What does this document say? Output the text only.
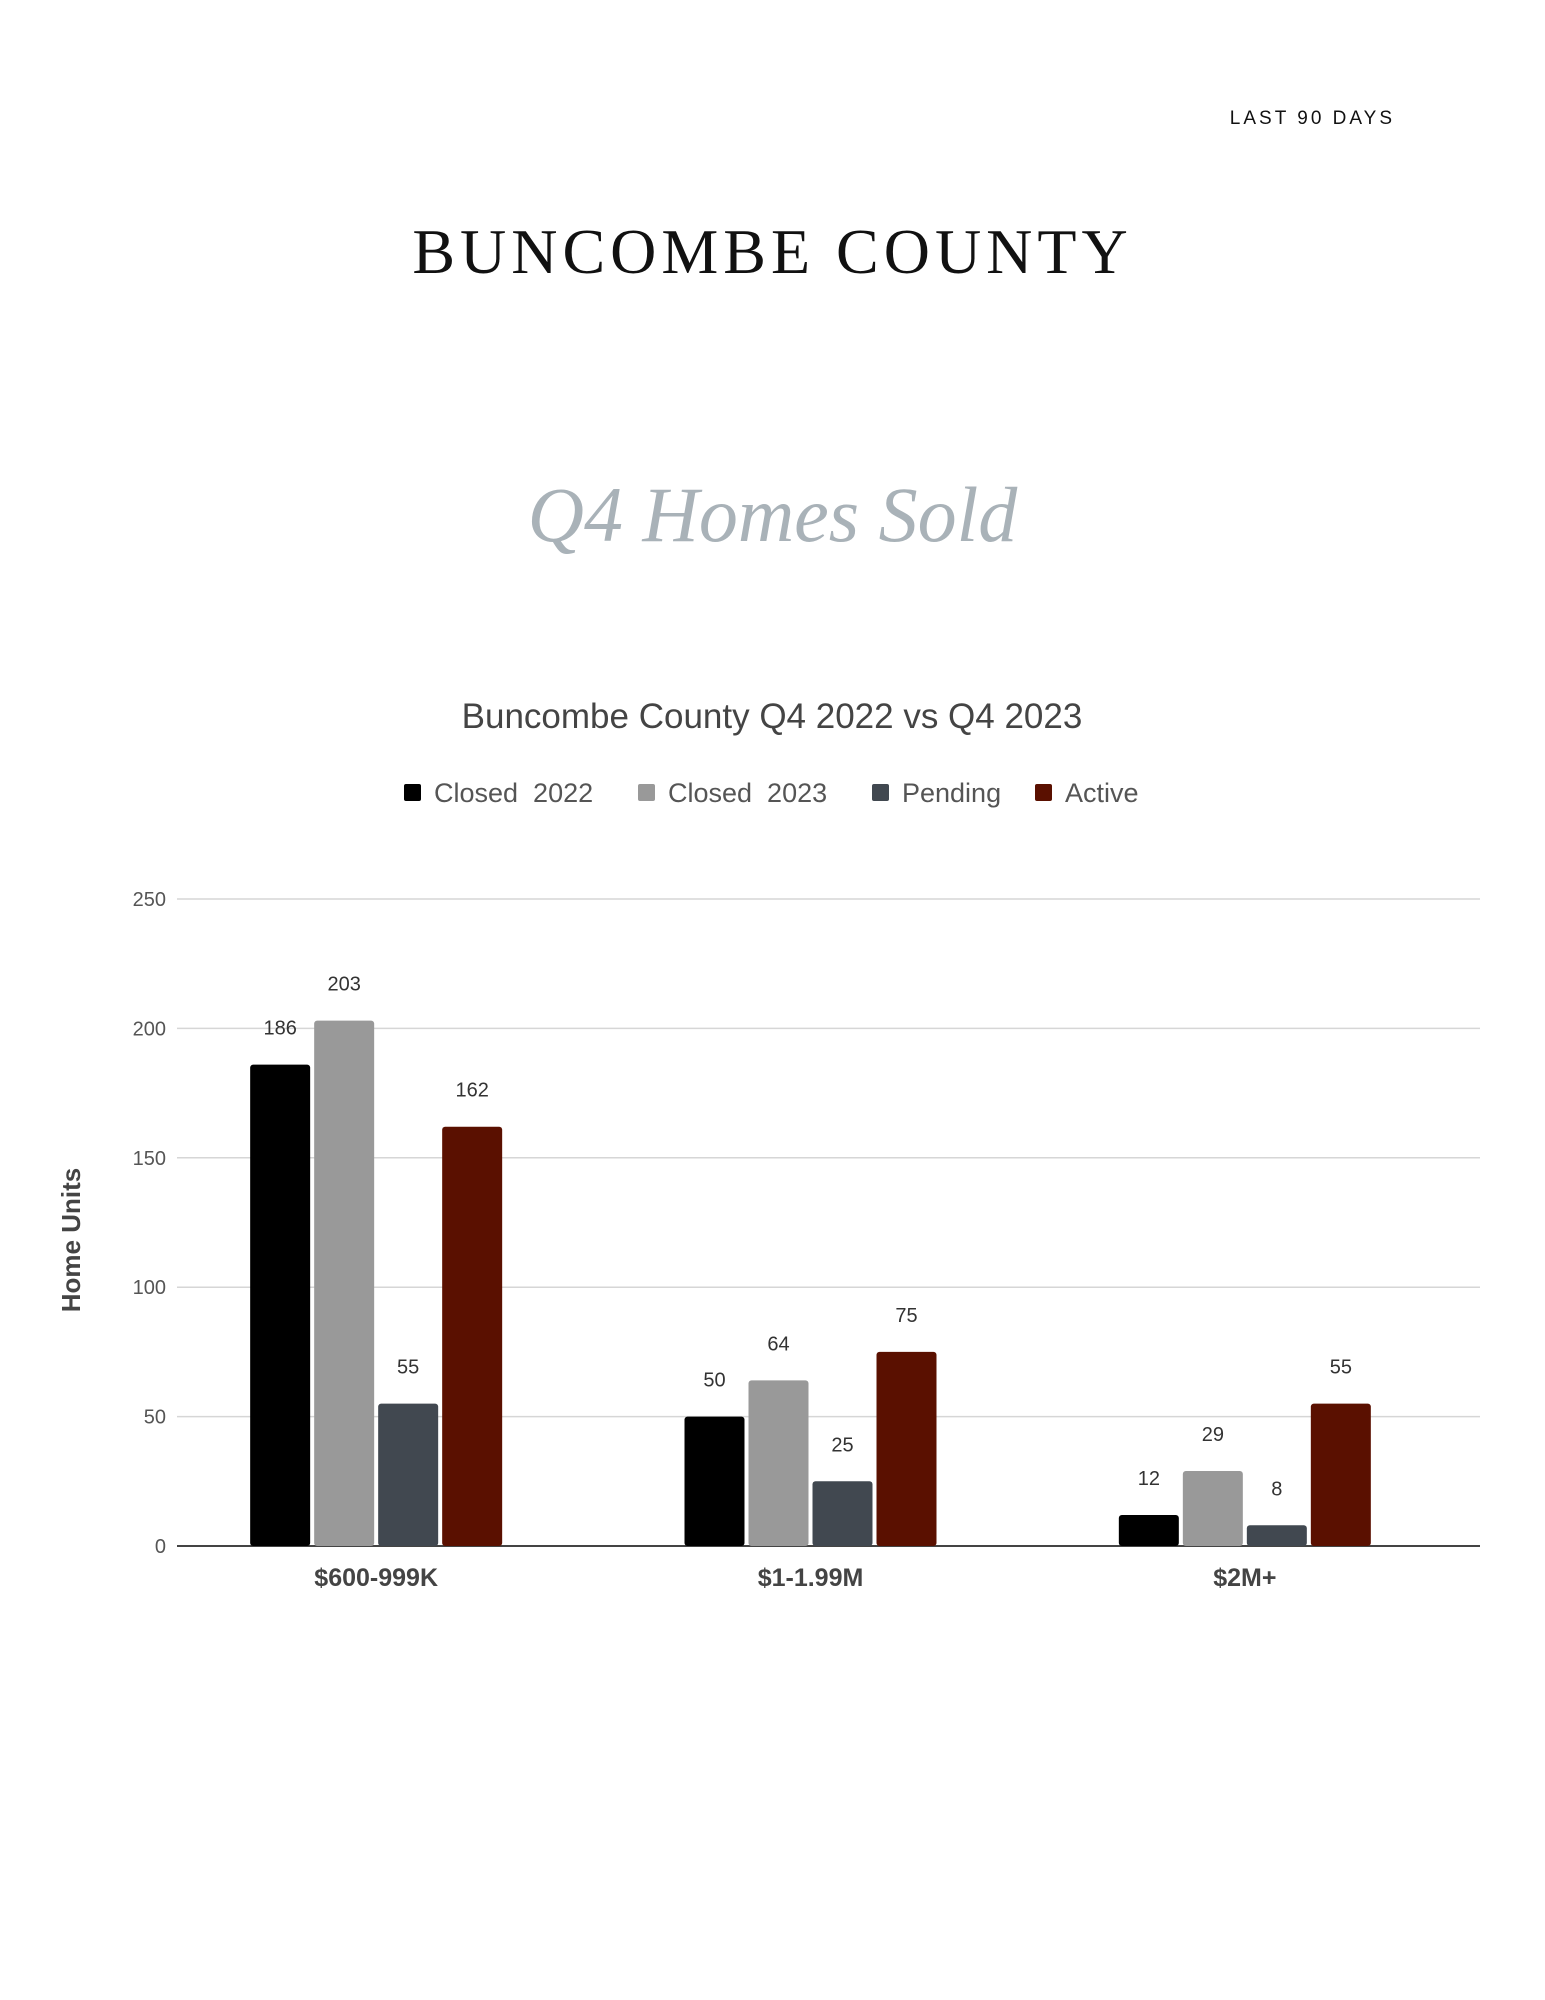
LAST 90 DAYS
BUNCOMBE COUNTY
Q4 Homes Sold
Buncombe County Q4 2022 vs Q4 2023
Closed  2022	Closed  2023	Pending Active
0
50
100
150
200
250
186
203
55
162
50
64
25
75
12
29
8
55
$600-999K	$1-1.99M	$2M+
Home Units
